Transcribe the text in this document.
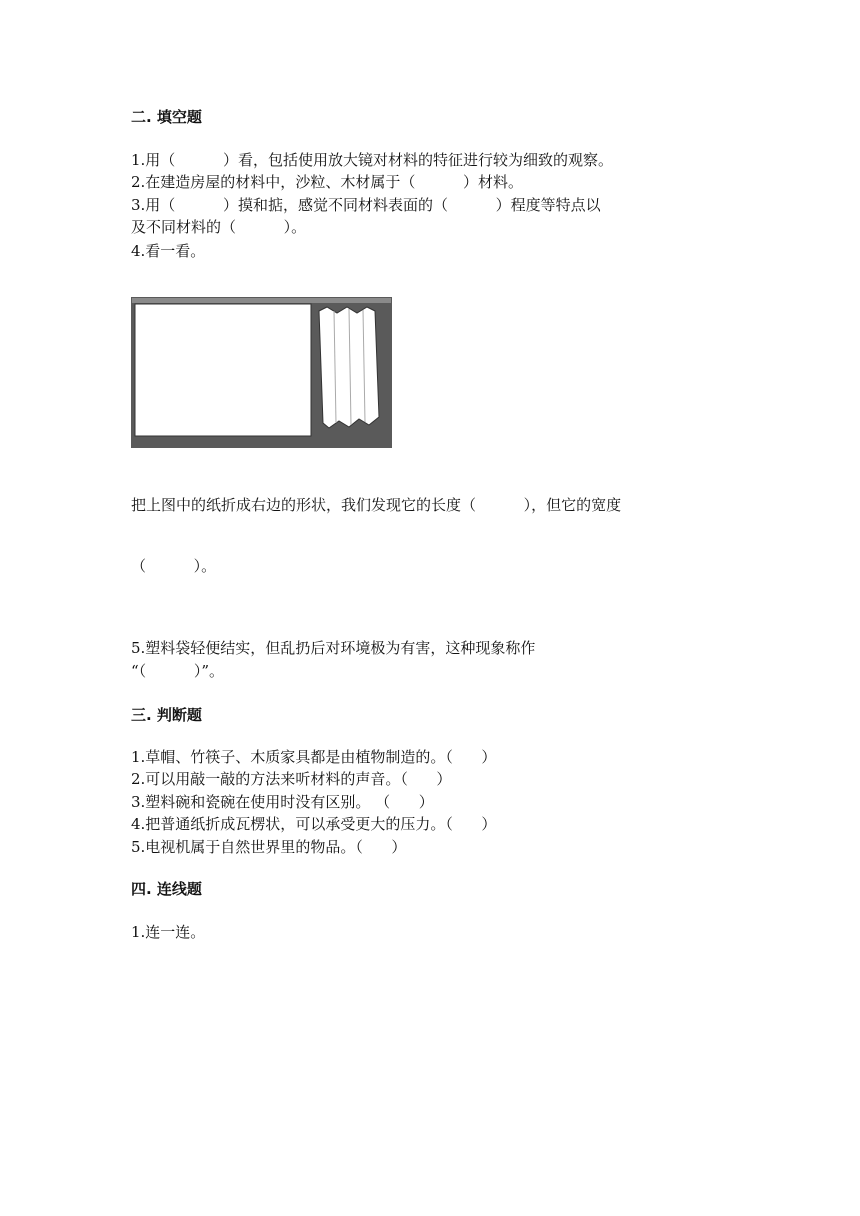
二. 填空题

1.用（          ）看，包括使用放大镜对材料的特征进行较为细致的观察。

2.在建造房屋的材料中，沙粒、木材属于（          ）材料。

3.用（          ）摸和掂，感觉不同材料表面的（          ）程度等特点以

及不同材料的（          ）。

4.看一看。

把上图中的纸折成右边的形状，我们发现它的长度（          ），但它的宽度

（          ）。

5.塑料袋轻便结实，但乱扔后对环境极为有害，这种现象称作

“（          ）”。

三. 判断题

1.草帽、竹筷子、木质家具都是由植物制造的。（      ）

2.可以用敲一敲的方法来听材料的声音。（      ）

3.塑料碗和瓷碗在使用时没有区别。 （      ）

4.把普通纸折成瓦楞状，可以承受更大的压力。（      ）

5.电视机属于自然世界里的物品。（      ）

四. 连线题

1.连一连。
